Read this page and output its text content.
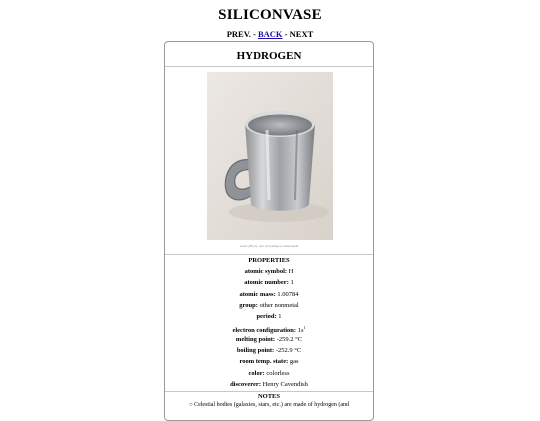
SILICONVASE
PREV. - BACK - NEXT
HYDROGEN
water (H₂O), one of hydrogen compounds
PROPERTIES
atomic symbol: H
atomic number: 1
atomic mass: 1.00784
group: other nonmetal
period: 1
electron configuration: $1s^1$
melting point: -259.2 °C
boiling point: -252.9 °C
room temp. state: gas
color: colorless
discoverer: Henry Cavendish
NOTES
○ Celestial bodies (galaxies, stars, etc.) are made of hydrogen (and
